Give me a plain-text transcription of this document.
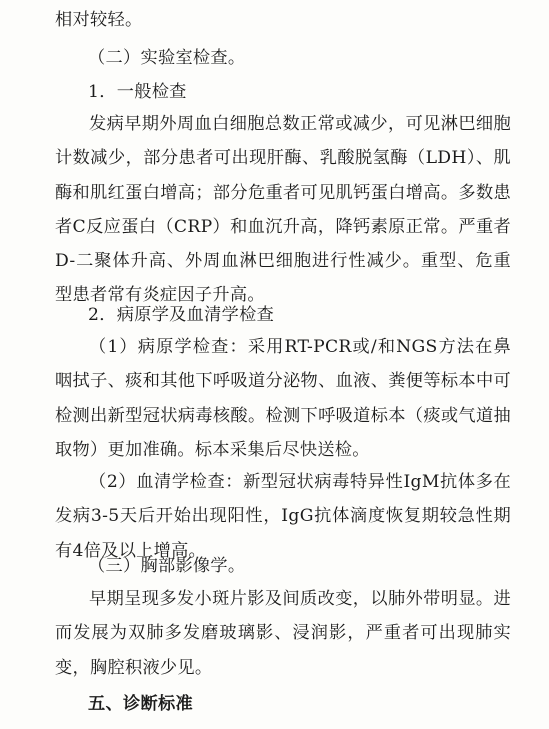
相对较轻。
（二）实验室检查。
1．一般检查
发病早期外周血白细胞总数正常或减少，可见淋巴细胞计数减少，部分患者可出现肝酶、乳酸脱氢酶（LDH）、肌酶和肌红蛋白增高；部分危重者可见肌钙蛋白增高。多数患者C反应蛋白（CRP）和血沉升高，降钙素原正常。严重者D-二聚体升高、外周血淋巴细胞进行性减少。重型、危重型患者常有炎症因子升高。
2．病原学及血清学检查
（1）病原学检查：采用RT-PCR或/和NGS方法在鼻咽拭子、痰和其他下呼吸道分泌物、血液、粪便等标本中可检测出新型冠状病毒核酸。检测下呼吸道标本（痰或气道抽取物）更加准确。标本采集后尽快送检。
（2）血清学检查：新型冠状病毒特异性IgM抗体多在发病3-5天后开始出现阳性，IgG抗体滴度恢复期较急性期有4倍及以上增高。
（三）胸部影像学。
早期呈现多发小斑片影及间质改变，以肺外带明显。进而发展为双肺多发磨玻璃影、浸润影，严重者可出现肺实变，胸腔积液少见。
五、诊断标准
